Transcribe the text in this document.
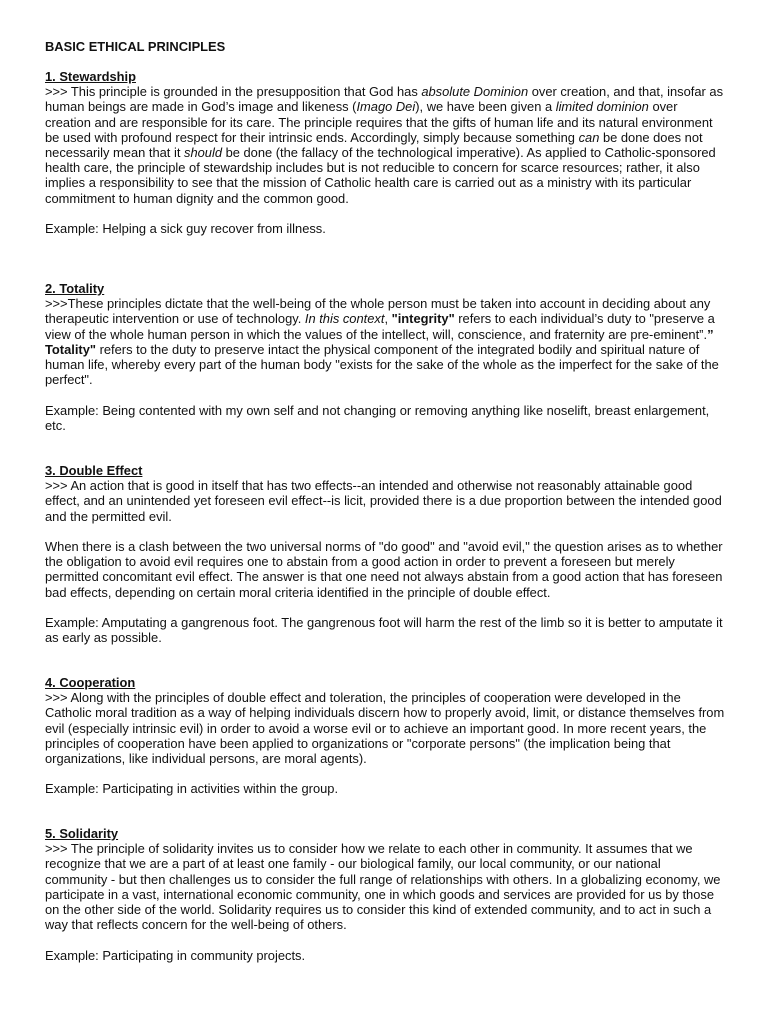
BASIC ETHICAL PRINCIPLES
1. Stewardship

>>> This principle is grounded in the presupposition that God has absolute Dominion over creation, and that, insofar as human beings are made in God’s image and likeness (Imago Dei), we have been given a limited dominion over creation and are responsible for its care. The principle requires that the gifts of human life and its natural environment be used with profound respect for their intrinsic ends. Accordingly, simply because something can be done does not necessarily mean that it should be done (the fallacy of the technological imperative). As applied to Catholic-sponsored health care, the principle of stewardship includes but is not reducible to concern for scarce resources; rather, it also implies a responsibility to see that the mission of Catholic health care is carried out as a ministry with its particular commitment to human dignity and the common good.

Example: Helping a sick guy recover from illness.

2. Totality

>>>These principles dictate that the well-being of the whole person must be taken into account in deciding about any therapeutic intervention or use of technology. In this context, "integrity" refers to each individual’s duty to "preserve a view of the whole human person in which the values of the intellect, will, conscience, and fraternity are pre-eminent”.” Totality" refers to the duty to preserve intact the physical component of the integrated bodily and spiritual nature of human life, whereby every part of the human body "exists for the sake of the whole as the imperfect for the sake of the perfect".

Example: Being contented with my own self and not changing or removing anything like noselift, breast enlargement, etc.

3. Double Effect

>>> An action that is good in itself that has two effects--an intended and otherwise not reasonably attainable good effect, and an unintended yet foreseen evil effect--is licit, provided there is a due proportion between the intended good and the permitted evil.

When there is a clash between the two universal norms of "do good" and "avoid evil," the question arises as to whether the obligation to avoid evil requires one to abstain from a good action in order to prevent a foreseen but merely permitted concomitant evil effect. The answer is that one need not always abstain from a good action that has foreseen bad effects, depending on certain moral criteria identified in the principle of double effect.

Example: Amputating a gangrenous foot. The gangrenous foot will harm the rest of the limb so it is better to amputate it as early as possible.

4. Cooperation

>>> Along with the principles of double effect and toleration, the principles of cooperation were developed in the Catholic moral tradition as a way of helping individuals discern how to properly avoid, limit, or distance themselves from evil (especially intrinsic evil) in order to avoid a worse evil or to achieve an important good. In more recent years, the principles of cooperation have been applied to organizations or "corporate persons" (the implication being that organizations, like individual persons, are moral agents).

Example: Participating in activities within the group.

5. Solidarity

>>> The principle of solidarity invites us to consider how we relate to each other in community. It assumes that we recognize that we are a part of at least one family - our biological family, our local community, or our national community - but then challenges us to consider the full range of relationships with others. In a globalizing economy, we participate in a vast, international economic community, one in which goods and services are provided for us by those on the other side of the world. Solidarity requires us to consider this kind of extended community, and to act in such a way that reflects concern for the well-being of others.

Example: Participating in community projects.
